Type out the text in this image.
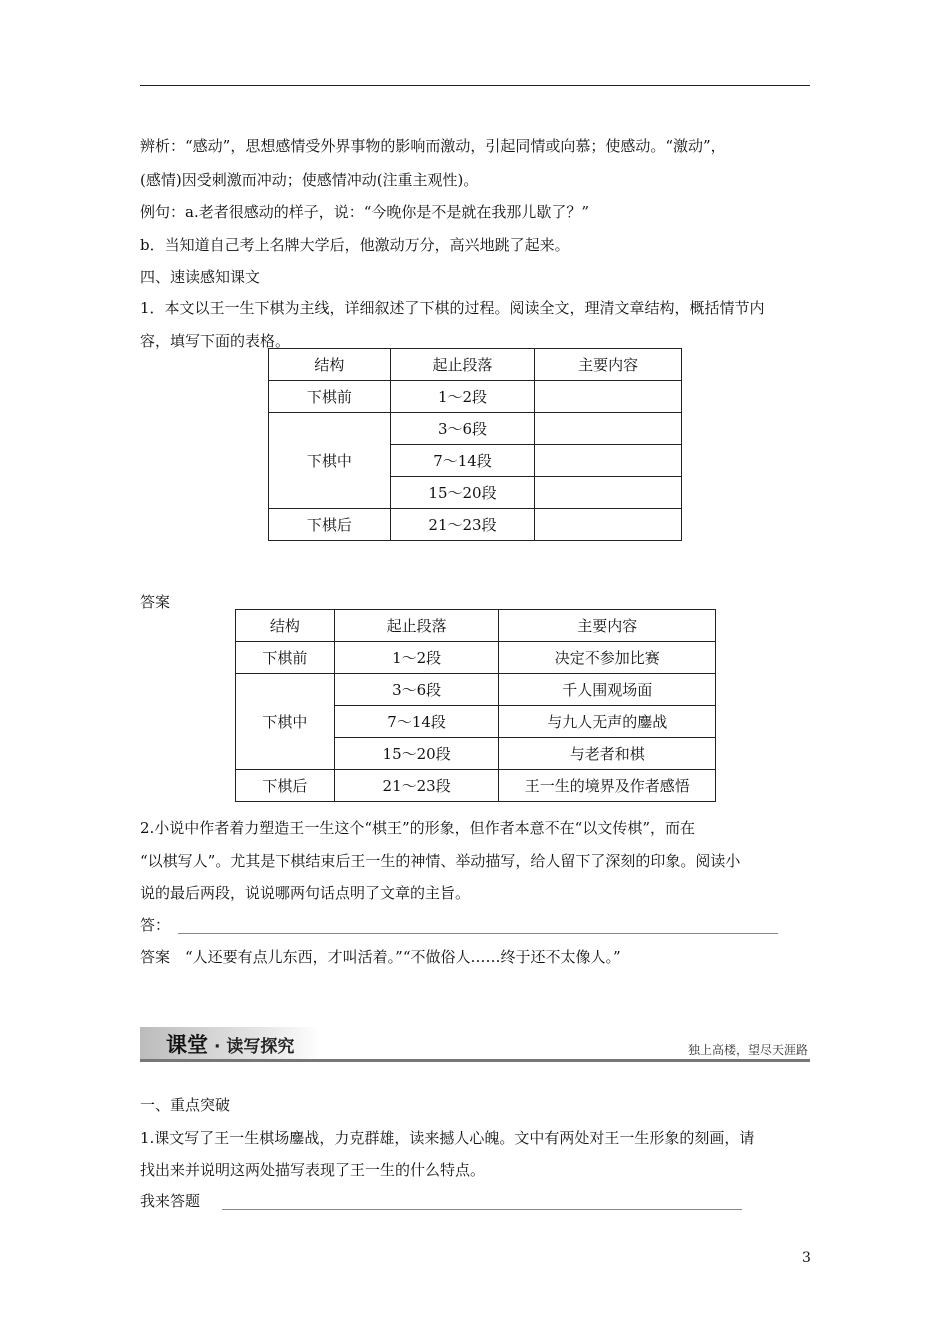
辨析：“感动”，思想感情受外界事物的影响而激动，引起同情或向慕；使感动。“激动”，
(感情)因受刺激而冲动；使感情冲动(注重主观性)。
例句：a.老者很感动的样子，说：“今晚你是不是就在我那儿歇了？”
b．当知道自己考上名牌大学后，他激动万分，高兴地跳了起来。
四、速读感知课文
1．本文以王一生下棋为主线，详细叙述了下棋的过程。阅读全文，理清文章结构，概括情节内
容，填写下面的表格。
结构	起止段落	主要内容
下棋前	1～2段	
下棋中	3～6段	
	7～14段	
	15～20段	
下棋后	21～23段	
答案
结构	起止段落	主要内容
下棋前	1～2段	决定不参加比赛
下棋中	3～6段	千人围观场面
	7～14段	与九人无声的鏖战
	15～20段	与老者和棋
下棋后	21～23段	王一生的境界及作者感悟
2.小说中作者着力塑造王一生这个“棋王”的形象，但作者本意不在“以文传棋”，而在
“以棋写人”。尤其是下棋结束后王一生的神情、举动描写，给人留下了深刻的印象。阅读小
说的最后两段，说说哪两句话点明了文章的主旨。
答：
答案　“人还要有点儿东西，才叫活着。”“不做俗人……终于还不太像人。”
课堂 · 读写探究	独上高楼，望尽天涯路
一、重点突破
1.课文写了王一生棋场鏖战，力克群雄，读来撼人心魄。文中有两处对王一生形象的刻画，请
找出来并说明这两处描写表现了王一生的什么特点。
我来答题
3
